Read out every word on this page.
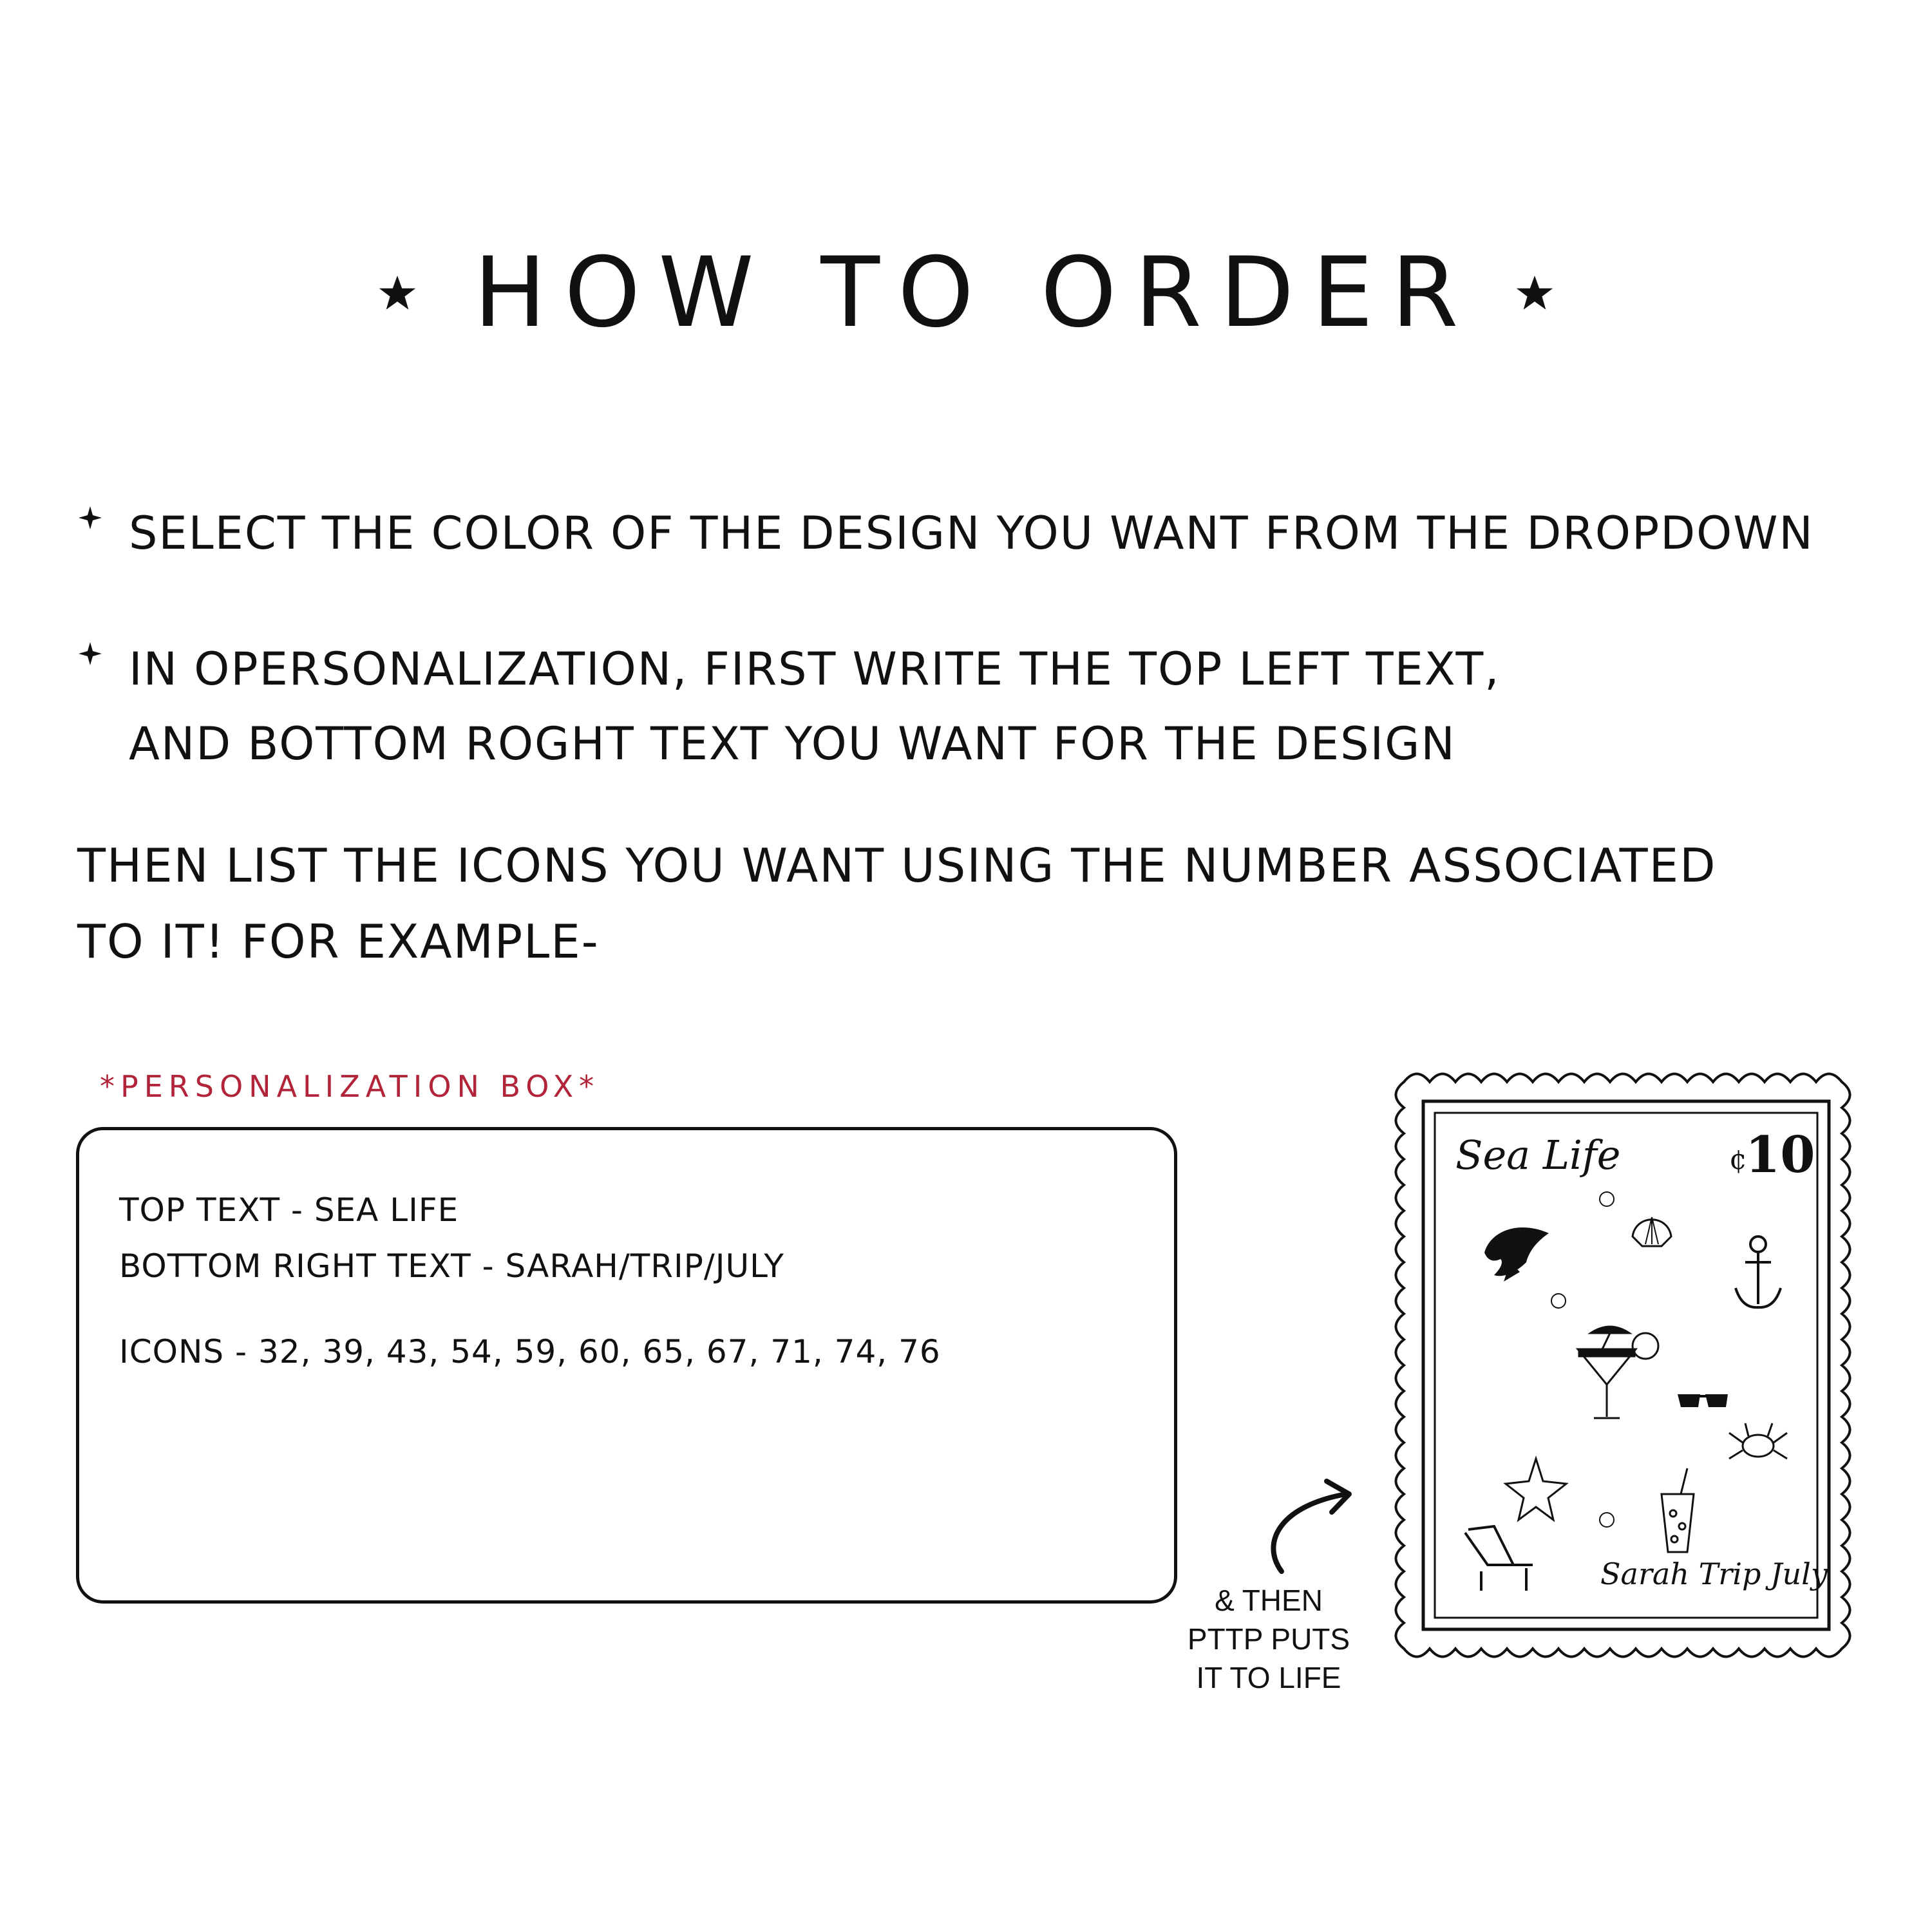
HOW TO ORDER
SELECT THE COLOR OF THE DESIGN YOU WANT FROM THE DROPDOWN
IN OPERSONALIZATION, FIRST WRITE THE TOP LEFT TEXT, AND BOTTOM ROGHT TEXT YOU WANT FOR THE DESIGN
THEN LIST THE ICONS YOU WANT USING THE NUMBER ASSOCIATED TO IT! FOR EXAMPLE-
*PERSONALIZATION BOX*
TOP TEXT - SEA LIFE
BOTTOM RIGHT TEXT - SARAH/TRIP/JULY
ICONS - 32, 39, 43, 54, 59, 60, 65, 67, 71, 74, 76
& THEN
PTTP PUTS
IT TO LIFE
Sea Life	¢
10
Sarah Trip July
